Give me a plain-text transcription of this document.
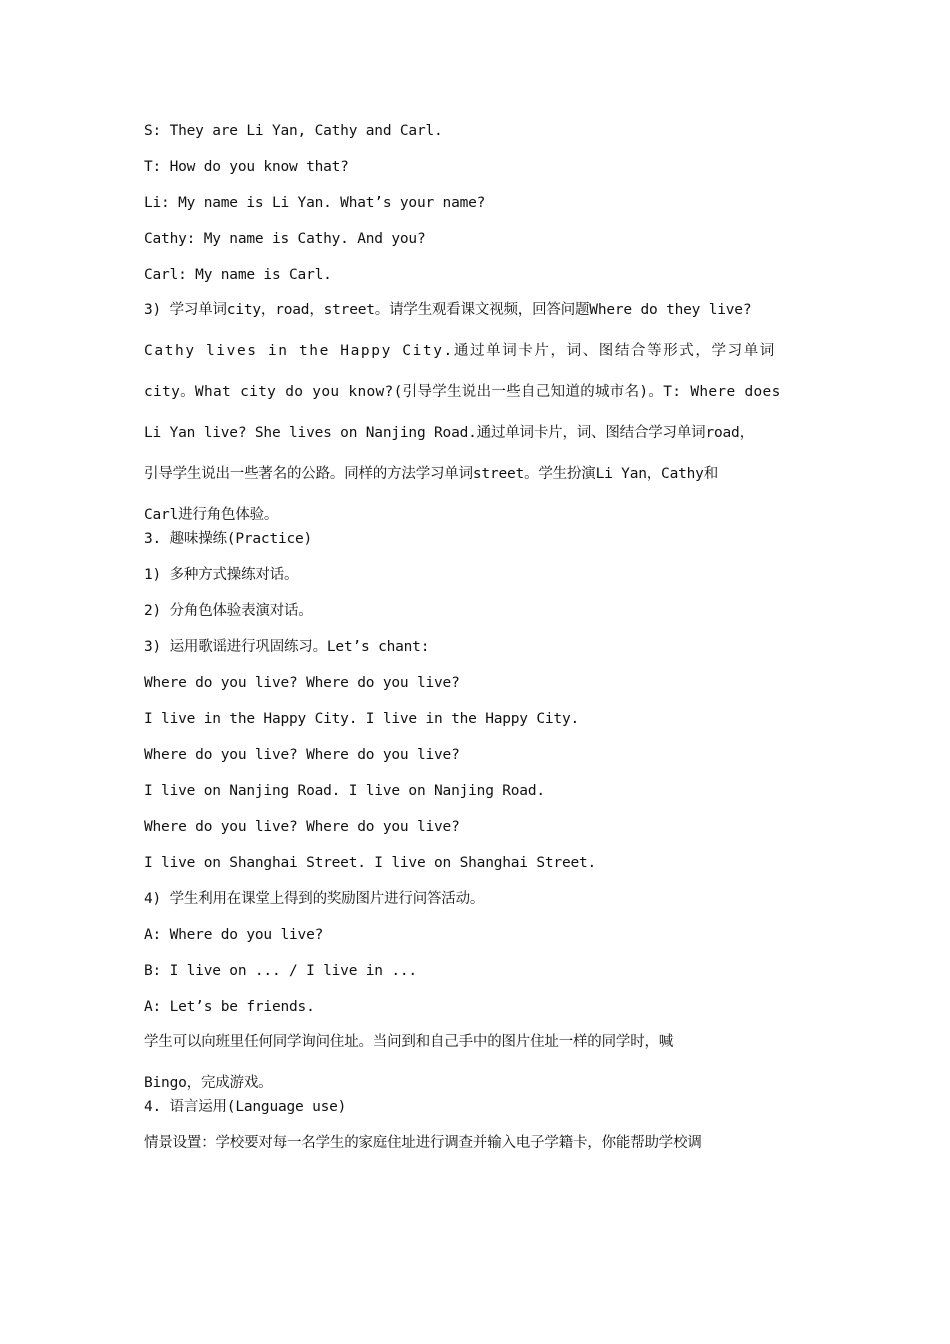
S: They are Li Yan, Cathy and Carl.
T: How do you know that?
Li: My name is Li Yan. What’s your name?
Cathy: My name is Cathy. And you?
Carl: My name is Carl.
3) 学习单词city，road，street。请学生观看课文视频，回答问题Where do they live?
Cathy lives in the Happy City.通过单词卡片，词、图结合等形式，学习单词
city。What city do you know?(引导学生说出一些自己知道的城市名)。T: Where does
Li Yan live? She lives on Nanjing Road.通过单词卡片，词、图结合学习单词road，
引导学生说出一些著名的公路。同样的方法学习单词street。学生扮演Li Yan，Cathy和
Carl进行角色体验。
3. 趣味操练(Practice)
1) 多种方式操练对话。
2) 分角色体验表演对话。
3) 运用歌谣进行巩固练习。Let’s chant:
Where do you live? Where do you live?
I live in the Happy City. I live in the Happy City.
Where do you live? Where do you live?
I live on Nanjing Road. I live on Nanjing Road.
Where do you live? Where do you live?
I live on Shanghai Street. I live on Shanghai Street.
4) 学生利用在课堂上得到的奖励图片进行问答活动。
A: Where do you live?
B: I live on ... / I live in ...
A: Let’s be friends.
学生可以向班里任何同学询问住址。当问到和自己手中的图片住址一样的同学时，喊
Bingo，完成游戏。
4. 语言运用(Language use)
情景设置：学校要对每一名学生的家庭住址进行调查并输入电子学籍卡，你能帮助学校调
